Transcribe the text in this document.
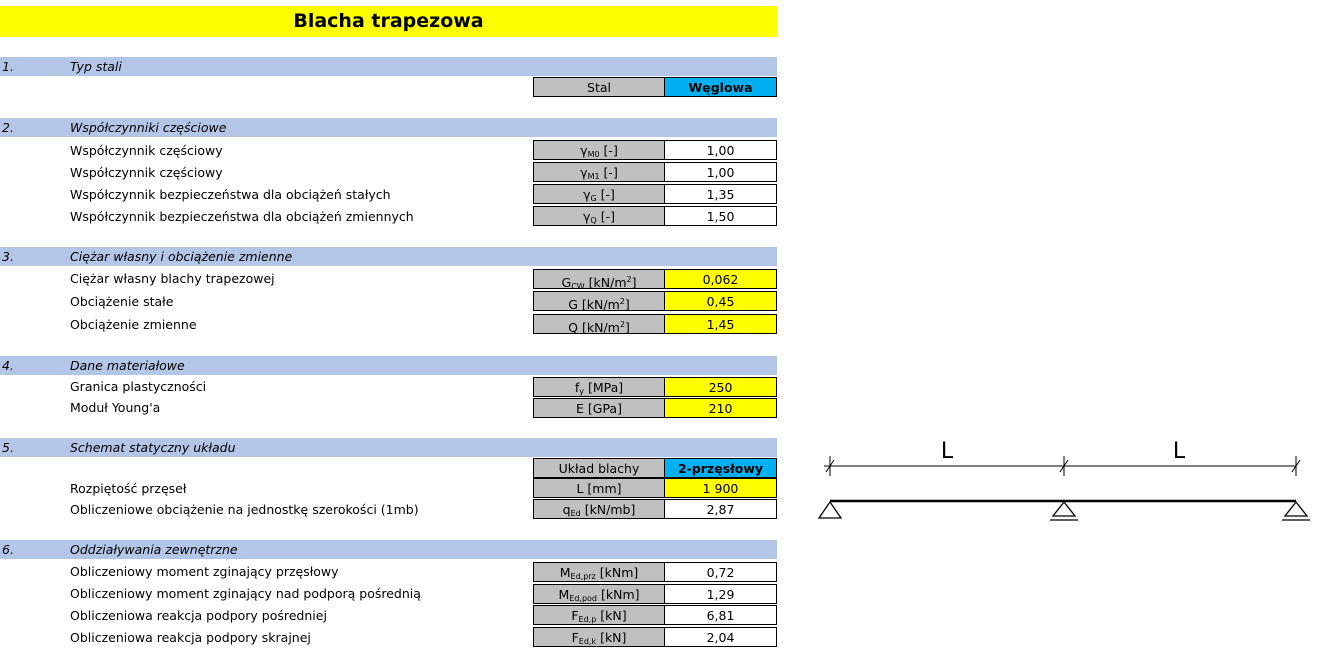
Blacha trapezowa
1.	Typ stali
Stal	Węglowa
2.	Współczynniki częściowe
Współczynnik częściowy	$\gamma_{M0}$ [-]	1,00
Współczynnik częściowy	$\gamma_{M1}$ [-]	1,00
Współczynnik bezpieczeństwa dla obciążeń stałych	$\gamma_G$ [-]	1,35
Współczynnik bezpieczeństwa dla obciążeń zmiennych	$\gamma_Q$ [-]	1,50
3.	Ciężar własny i obciążenie zmienne
Ciężar własny blachy trapezowej	$G_{CW}$ $[kN/m^2]$	0,062
Obciążenie stałe	G $[kN/m^2]$	0,45
Obciążenie zmienne	Q $[kN/m^2]$	1,45
4.	Dane materiałowe
Granica plastyczności	$f_y$ [MPa]	250
Moduł Young'a	E [GPa]	210
5.	Schemat statyczny układu
Układ blachy	2-przęsłowy
Rozpiętość przęseł	L [mm]	1 900
Obliczeniowe obciążenie na jednostkę szerokości (1mb)	$q_{Ed}$ [kN/mb]	2,87
6.	Oddziaływania zewnętrzne
Obliczeniowy moment zginający przęsłowy	$M_{Ed,prz}$ [kNm]	0,72
Obliczeniowy moment zginający nad podporą pośrednią	$M_{Ed,pod}$ [kNm]	1,29
Obliczeniowa reakcja podpory pośredniej	$F_{Ed,p}$ [kN]	6,81
Obliczeniowa reakcja podpory skrajnej	$F_{Ed,k}$ [kN]	2,04
L	L
